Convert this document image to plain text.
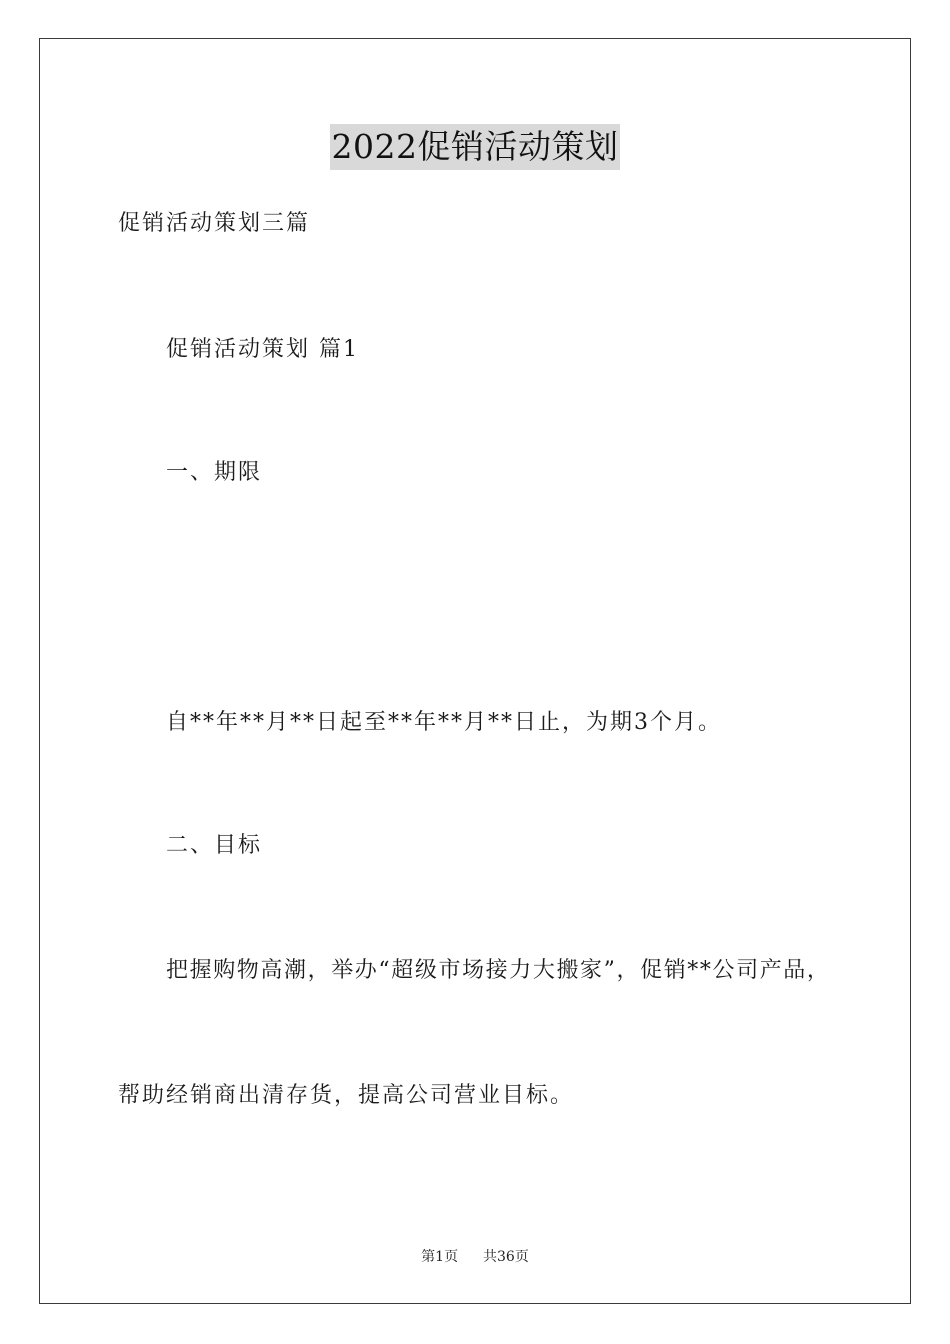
2022促销活动策划
促销活动策划三篇
促销活动策划 篇1
一、期限
自**年**月**日起至**年**月**日止，为期3个月。
二、目标
把握购物高潮，举办“超级市场接力大搬家”，促销**公司产品，
帮助经销商出清存货，提高公司营业目标。
第1页 共36页
